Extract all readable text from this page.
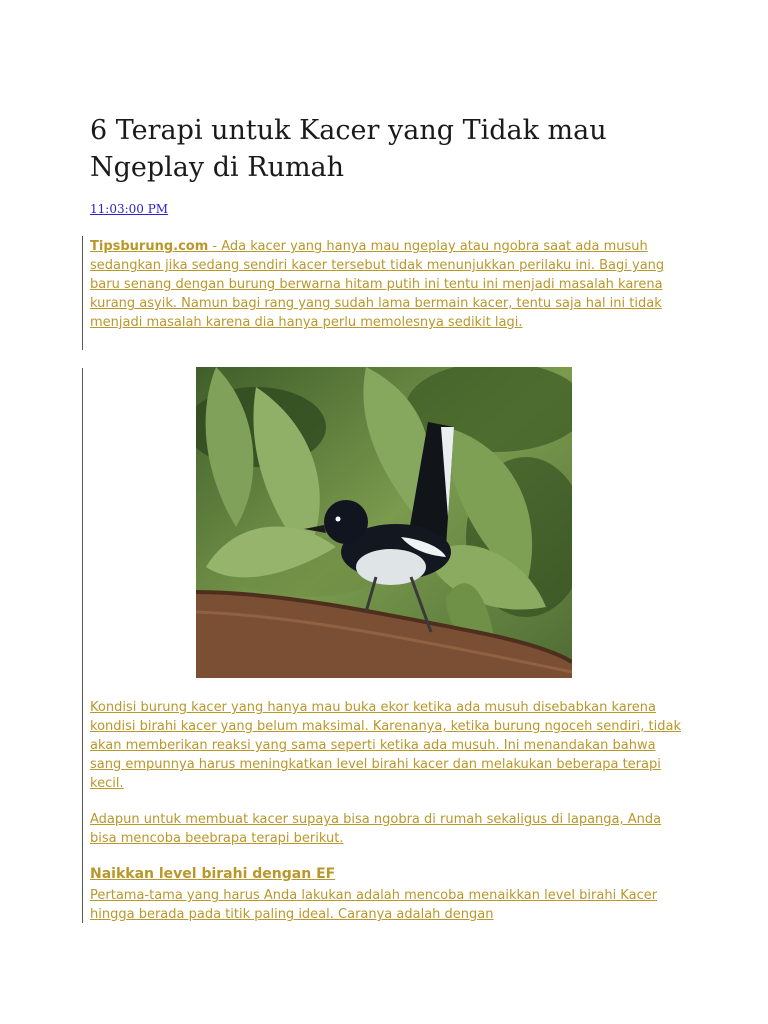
6 Terapi untuk Kacer yang Tidak mau Ngeplay di Rumah
11:03:00 PM

Tipsburung.com - Ada kacer yang hanya mau ngeplay atau ngobra saat ada musuh sedangkan jika sedang sendiri kacer tersebut tidak menunjukkan perilaku ini. Bagi yang baru senang dengan burung berwarna hitam putih ini tentu ini menjadi masalah karena kurang asyik. Namun bagi rang yang sudah lama bermain kacer, tentu saja hal ini tidak menjadi masalah karena dia hanya perlu memolesnya sedikit lagi.

Kondisi burung kacer yang hanya mau buka ekor ketika ada musuh disebabkan karena kondisi birahi kacer yang belum maksimal. Karenanya, ketika burung ngoceh sendiri, tidak akan memberikan reaksi yang sama seperti ketika ada musuh. Ini menandakan bahwa sang empunnya harus meningkatkan level birahi kacer dan melakukan beberapa terapi kecil.

Adapun untuk membuat kacer supaya bisa ngobra di rumah sekaligus di lapanga, Anda bisa mencoba beebrapa terapi berikut.

Naikkan level birahi dengan EF

Pertama-tama yang harus Anda lakukan adalah mencoba menaikkan level birahi Kacer hingga berada pada titik paling ideal. Caranya adalah dengan
